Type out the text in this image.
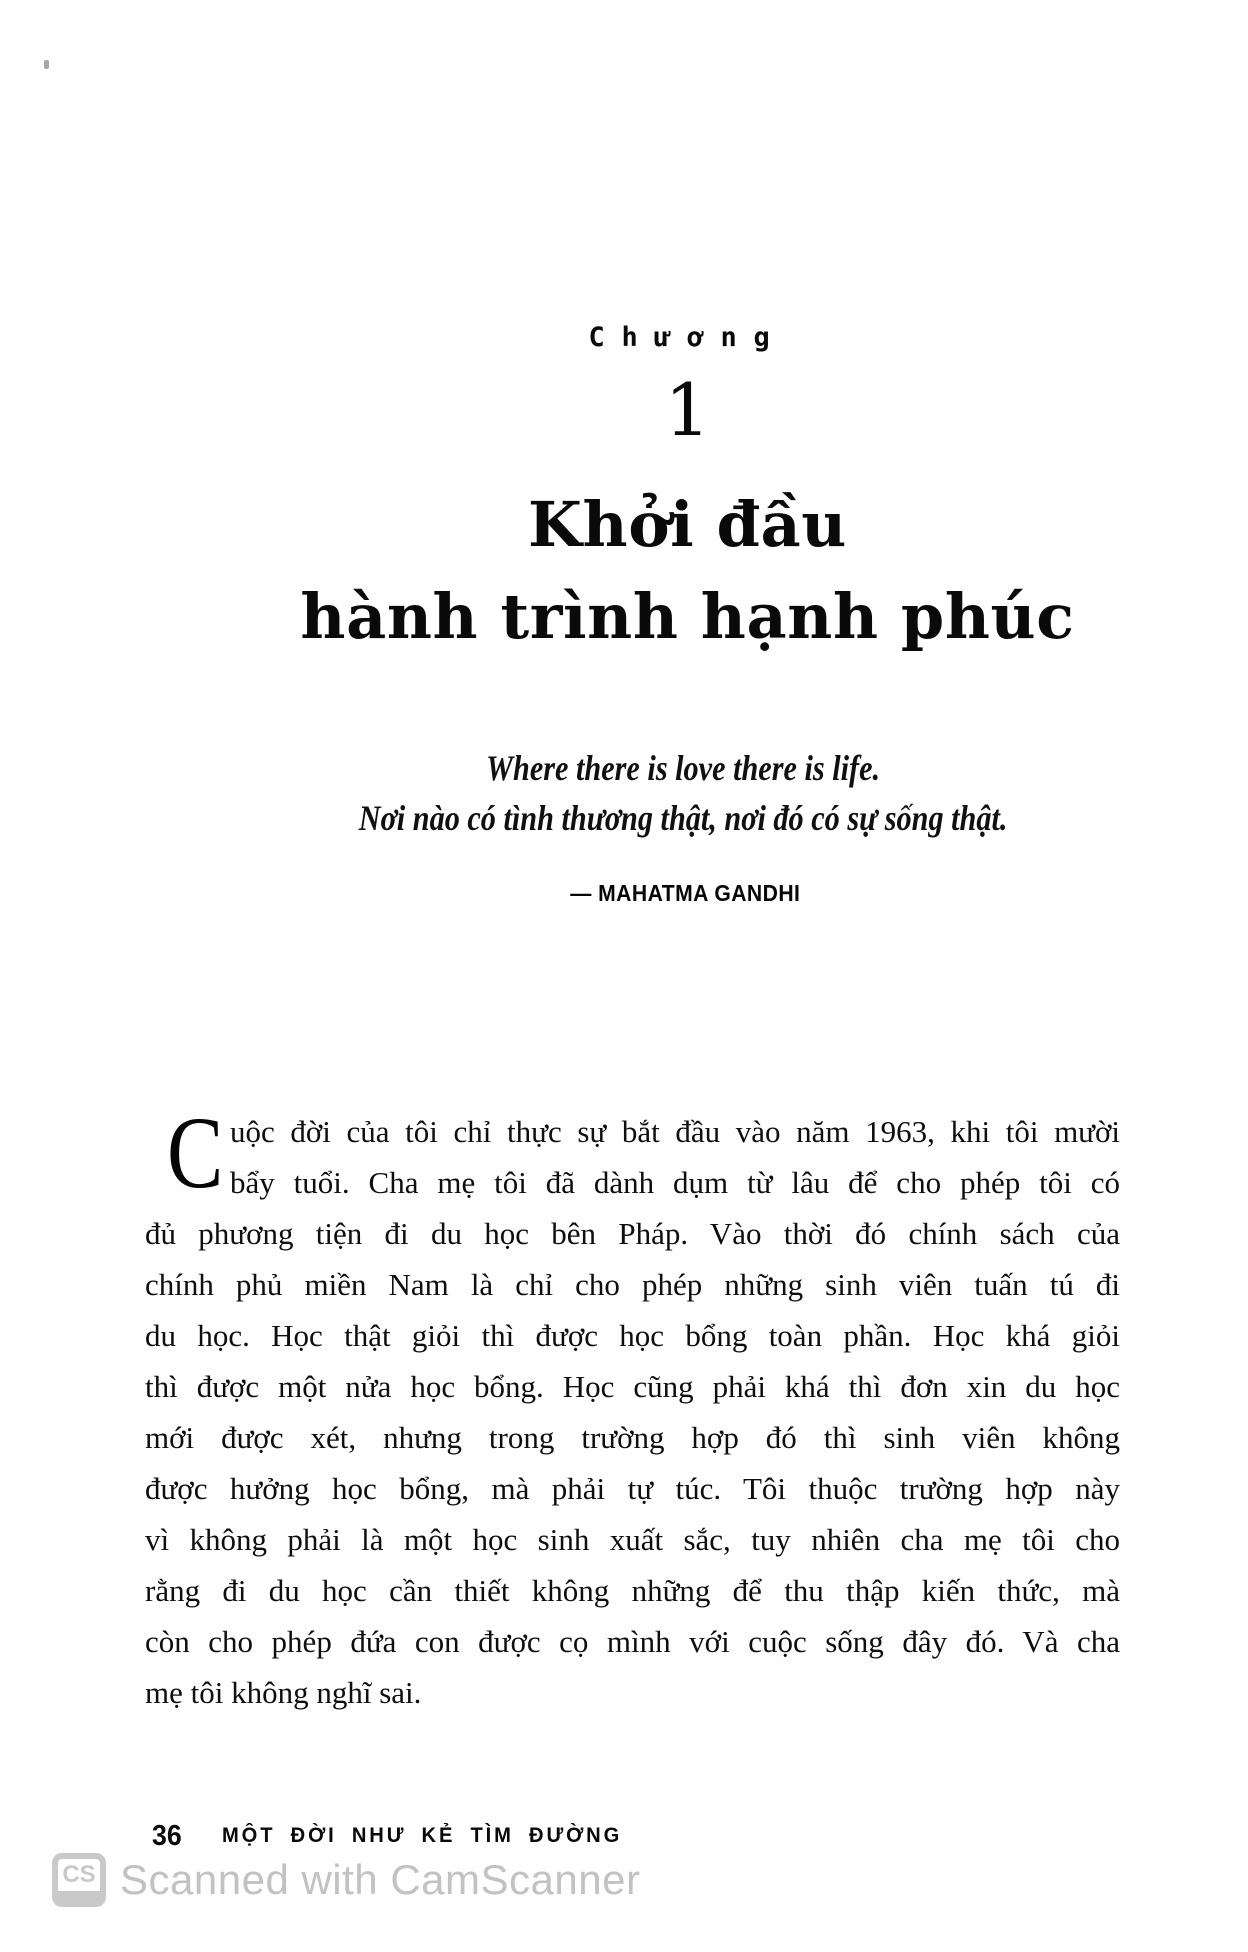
Chương
1
Khởi đầu
hành trình hạnh phúc
Where there is love there is life.
Nơi nào có tình thương thật, nơi đó có sự sống thật.
— MAHATMA GANDHI
C uộc đời của tôi chỉ thực sự bắt đầu vào năm 1963, khi tôi mười
bẩy tuổi. Cha mẹ tôi đã dành dụm từ lâu để cho phép tôi có
đủ phương tiện đi du học bên Pháp. Vào thời đó chính sách của
chính phủ miền Nam là chỉ cho phép những sinh viên tuấn tú đi
du học. Học thật giỏi thì được học bổng toàn phần. Học khá giỏi
thì được một nửa học bổng. Học cũng phải khá thì đơn xin du học
mới được xét, nhưng trong trường hợp đó thì sinh viên không
được hưởng học bổng, mà phải tự túc. Tôi thuộc trường hợp này
vì không phải là một học sinh xuất sắc, tuy nhiên cha mẹ tôi cho
rằng đi du học cần thiết không những để thu thập kiến thức, mà
còn cho phép đứa con được cọ mình với cuộc sống đây đó. Và cha
mẹ tôi không nghĩ sai.
36 MỘT ĐỜI NHƯ KẺ TÌM ĐƯỜNG
CS Scanned with CamScanner
